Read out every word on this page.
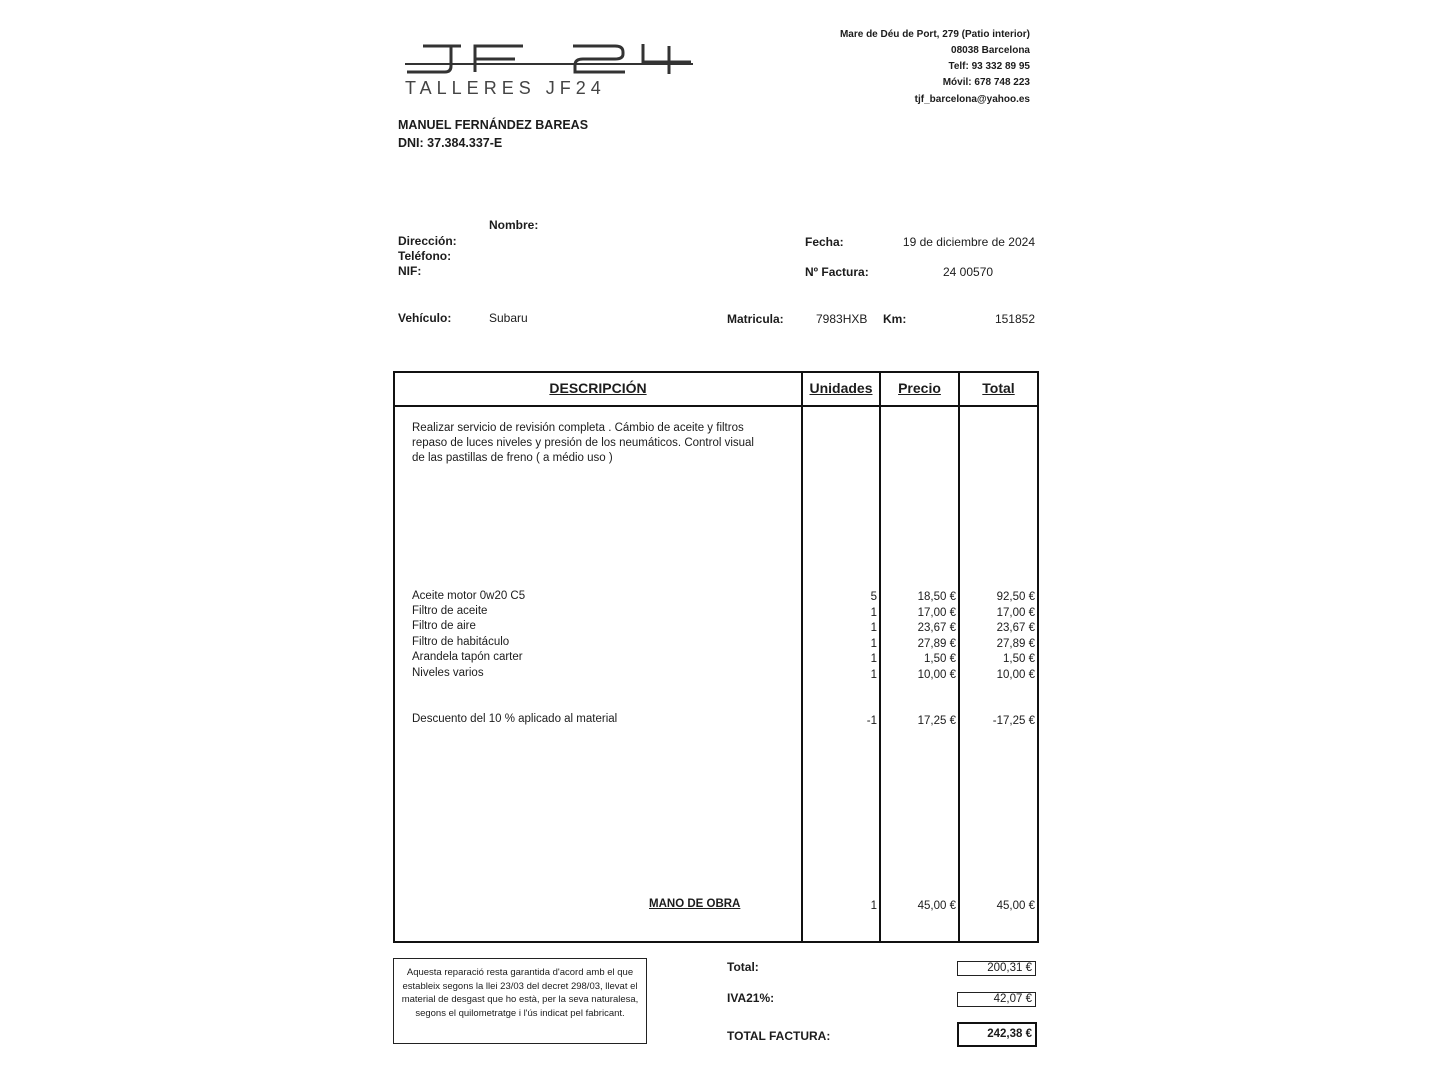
TALLERES JF24
Mare de Déu de Port, 279 (Patio interior)
08038 Barcelona
Telf: 93 332 89 95
Móvil: 678 748 223
tjf_barcelona@yahoo.es
MANUEL FERNÁNDEZ BAREAS
DNI: 37.384.337-E
Nombre:
Dirección:
Teléfono:
NIF:
Fecha:	19 de diciembre de 2024
Nº Factura:	24 00570
Vehículo:	Subaru	Matricula:	7983HXB Km:	151852
DESCRIPCIÓN	Unidades	Precio	Total
Realizar servicio de revisión completa . Cámbio de aceite y filtros
repaso de luces niveles y presión de los neumáticos. Control visual
de las pastillas de freno ( a médio uso )
Aceite motor 0w20 C5	5	18,50 €	92,50 €
Filtro de aceite	1	17,00 €	17,00 €
Filtro de aire	1	23,67 €	23,67 €
Filtro de habitáculo	1	27,89 €	27,89 €
Arandela tapón carter	1	1,50 €	1,50 €
Niveles varios	1	10,00 €	10,00 €
Descuento del 10 % aplicado al material	-1	17,25 €	-17,25 €
MANO DE OBRA	1	45,00 €	45,00 €
Aquesta reparació resta garantida d'acord amb el que estableix segons la llei 23/03 del decret 298/03, llevat el material de desgast que ho està, per la seva naturalesa, segons el quilometratge i l'ús indicat pel fabricant.
Total:	200,31 €
IVA21%:	42,07 €
TOTAL FACTURA:	242,38 €
